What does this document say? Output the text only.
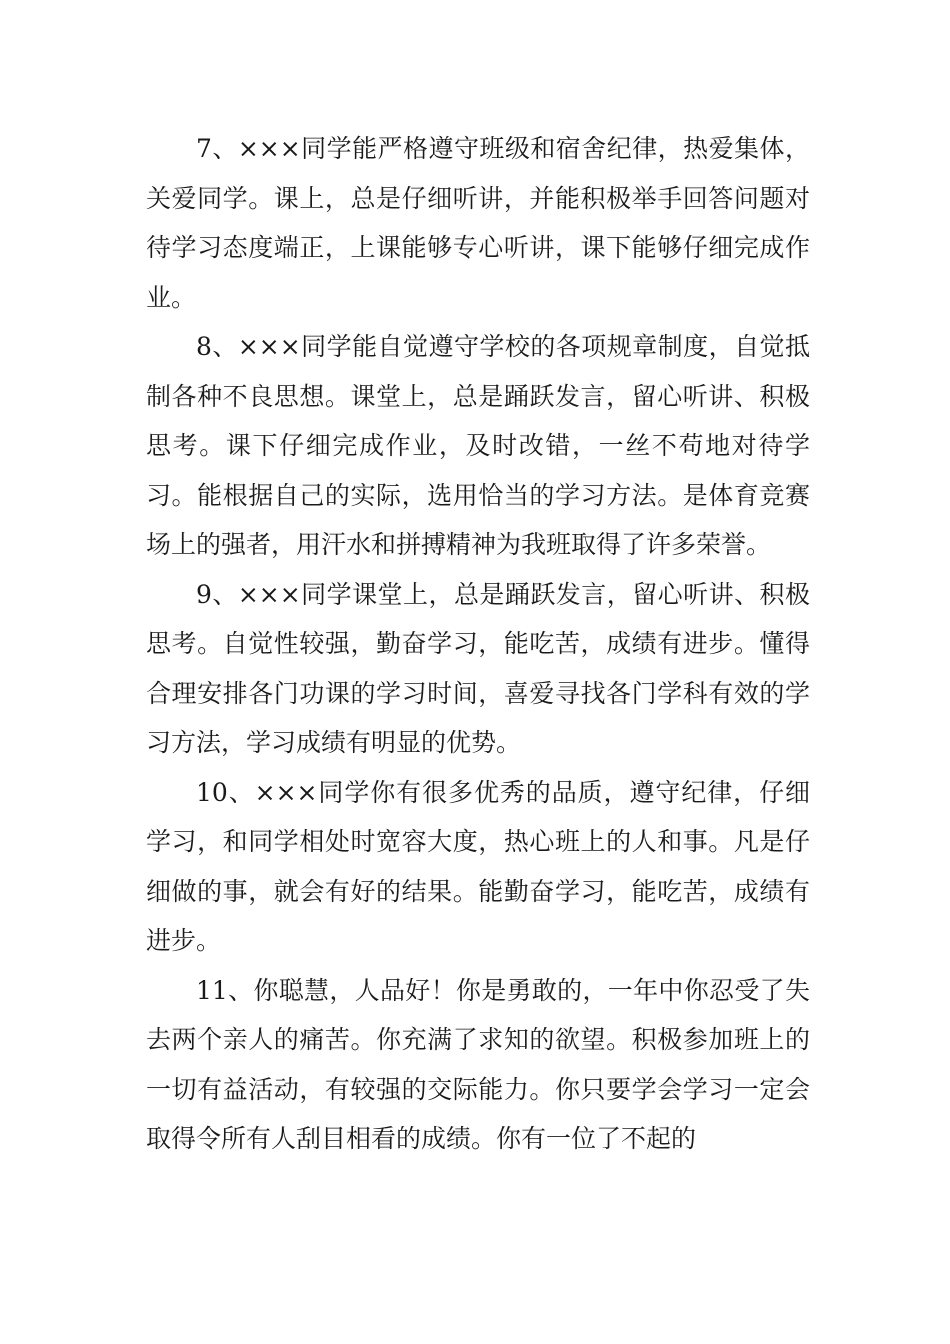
7、×××同学能严格遵守班级和宿舍纪律，热爱集体，关爱同学。课上，总是仔细听讲，并能积极举手回答问题对待学习态度端正，上课能够专心听讲，课下能够仔细完成作业。

8、×××同学能自觉遵守学校的各项规章制度，自觉抵制各种不良思想。课堂上，总是踊跃发言，留心听讲、积极思考。课下仔细完成作业，及时改错，一丝不苟地对待学习。能根据自己的实际，选用恰当的学习方法。是体育竞赛场上的强者，用汗水和拼搏精神为我班取得了许多荣誉。

9、×××同学课堂上，总是踊跃发言，留心听讲、积极思考。自觉性较强，勤奋学习，能吃苦，成绩有进步。懂得合理安排各门功课的学习时间，喜爱寻找各门学科有效的学习方法，学习成绩有明显的优势。

10、×××同学你有很多优秀的品质，遵守纪律，仔细学习，和同学相处时宽容大度，热心班上的人和事。凡是仔细做的事，就会有好的结果。能勤奋学习，能吃苦，成绩有进步。

11、你聪慧，人品好！你是勇敢的，一年中你忍受了失去两个亲人的痛苦。你充满了求知的欲望。积极参加班上的一切有益活动，有较强的交际能力。你只要学会学习一定会取得令所有人刮目相看的成绩。你有一位了不起的
